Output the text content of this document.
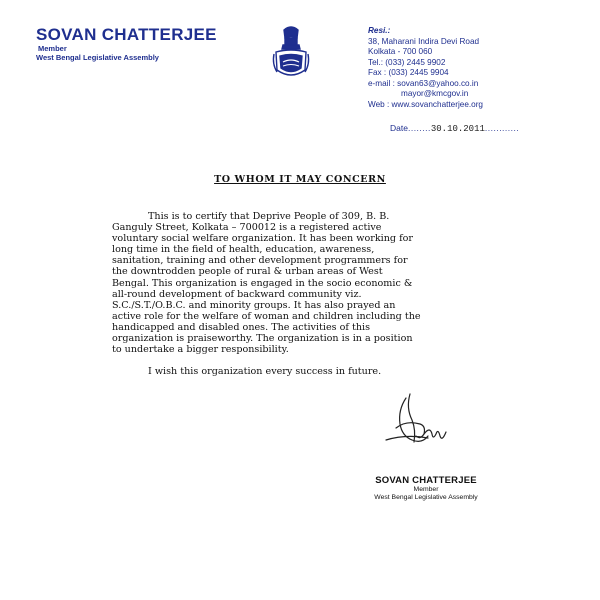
SOVAN CHATTERJEE
Member
West Bengal Legislative Assembly
Resi.:
38, Maharani Indira Devi Road
Kolkata - 700 060
Tel.: (033) 2445 9902
Fax : (033) 2445 9904
e-mail : sovan63@yahoo.co.in
mayor@kmcgov.in
Web : www.sovanchatterjee.org
Date........30.10.2011............
TO WHOM IT MAY CONCERN
This is to certify that Deprive People of 309, B. B.
Ganguly Street, Kolkata – 700012 is a registered active
voluntary social welfare organization. It has been working for
long time in the field of health, education, awareness,
sanitation, training and other development programmers for
the downtrodden people of rural & urban areas of West
Bengal. This organization is engaged in the socio economic &
all-round development of backward community viz.
S.C./S.T./O.B.C. and minority groups. It has also prayed an
active role for the welfare of woman and children including the
handicapped and disabled ones. The activities of this
organization is praiseworthy. The organization is in a position
to undertake a bigger responsibility.
I wish this organization every success in future.
SOVAN CHATTERJEE
Member
West Bengal Legislative Assembly
